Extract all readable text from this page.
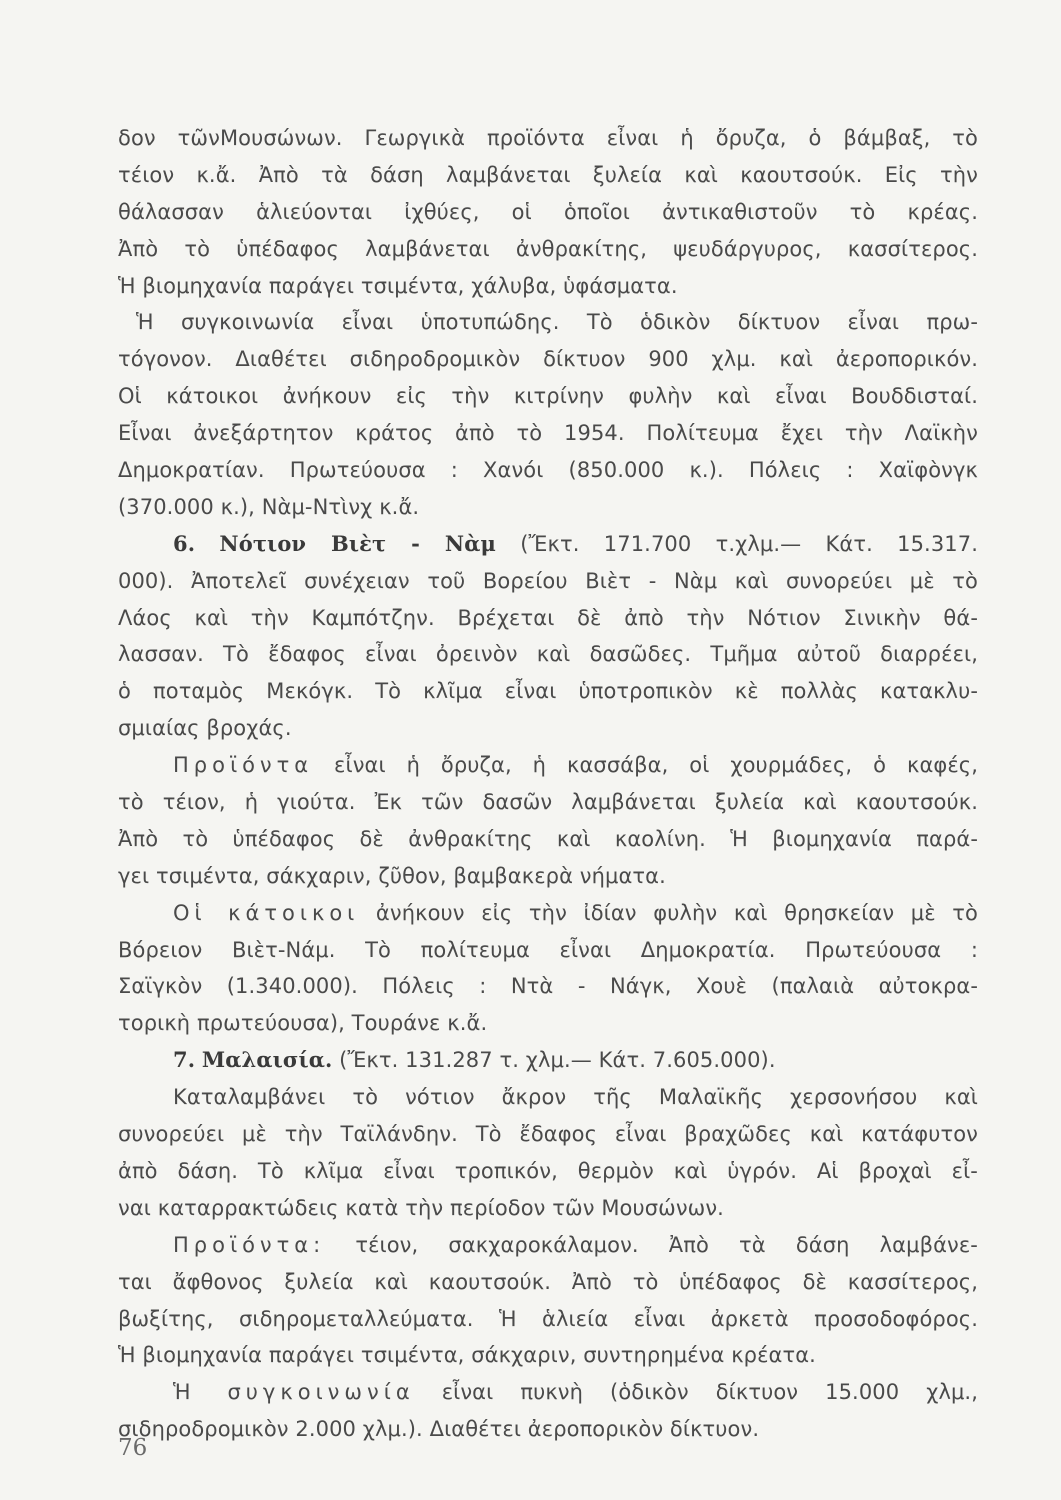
δον τῶνΜουσώνων. Γεωργικὰ προϊόντα εἶναι ἡ ὄρυζα, ὁ βάμβαξ, τὸ
τέιον κ.ἄ. Ἀπὸ τὰ δάση λαμβάνεται ξυλεία καὶ καουτσούκ. Εἰς τὴν
θάλασσαν ἁλιεύονται ἰχθύες, οἱ ὁποῖοι ἀντικαθιστοῦν τὸ κρέας.
Ἀπὸ τὸ ὑπέδαφος λαμβάνεται ἀνθρακίτης, ψευδάργυρος, κασσίτερος.
Ἡ βιομηχανία παράγει τσιμέντα, χάλυβα, ὑφάσματα.
Ἡ συγκοινωνία εἶναι ὑποτυπώδης. Τὸ ὁδικὸν δίκτυον εἶναι πρω-
τόγονον. Διαθέτει σιδηροδρομικὸν δίκτυον 900 χλμ. καὶ ἀεροπορικόν.
Οἱ κάτοικοι ἀνήκουν εἰς τὴν κιτρίνην φυλὴν καὶ εἶναι Βουδδισταί.
Εἶναι ἀνεξάρτητον κράτος ἀπὸ τὸ 1954. Πολίτευμα ἔχει τὴν Λαϊκὴν
Δημοκρατίαν. Πρωτεύουσα : Χανόι (850.000 κ.). Πόλεις : Χαϊφὸνγκ
(370.000 κ.), Νὰμ-Ντὶνχ κ.ἄ.
6. Νότιον Βιὲτ - Νὰμ (Ἔκτ. 171.700 τ.χλμ.— Κάτ. 15.317.
000). Ἀποτελεῖ συνέχειαν τοῦ Βορείου Βιὲτ - Νὰμ καὶ συνορεύει μὲ τὸ
Λάος καὶ τὴν Καμπότζην. Βρέχεται δὲ ἀπὸ τὴν Νότιον Σινικὴν θά-
λασσαν. Τὸ ἔδαφος εἶναι ὀρεινὸν καὶ δασῶδες. Τμῆμα αὐτοῦ διαρρέει,
ὁ ποταμὸς Μεκόγκ. Τὸ κλῖμα εἶναι ὑποτροπικὸν κὲ πολλὰς κατακλυ-
σμιαίας βροχάς.
Προϊόντα εἶναι ἡ ὄρυζα, ἡ κασσάβα, οἱ χουρμάδες, ὁ καφές,
τὸ τέιον, ἡ γιούτα. Ἐκ τῶν δασῶν λαμβάνεται ξυλεία καὶ καουτσούκ.
Ἀπὸ τὸ ὑπέδαφος δὲ ἀνθρακίτης καὶ καολίνη. Ἡ βιομηχανία παρά-
γει τσιμέντα, σάκχαριν, ζῦθον, βαμβακερὰ νήματα.
Οἱ κάτοικοι ἀνήκουν εἰς τὴν ἰδίαν φυλὴν καὶ θρησκείαν μὲ τὸ
Βόρειον Βιὲτ-Νάμ. Τὸ πολίτευμα εἶναι Δημοκρατία. Πρωτεύουσα :
Σαϊγκὸν (1.340.000). Πόλεις : Ντὰ - Νάγκ, Χουὲ (παλαιὰ αὐτοκρα-
τορικὴ πρωτεύουσα), Τουράνε κ.ἄ.
7. Μαλαισία. (Ἔκτ. 131.287 τ. χλμ.— Κάτ. 7.605.000).
Καταλαμβάνει τὸ νότιον ἄκρον τῆς Μαλαϊκῆς χερσονήσου καὶ
συνορεύει μὲ τὴν Ταϊλάνδην. Τὸ ἔδαφος εἶναι βραχῶδες καὶ κατάφυτον
ἀπὸ δάση. Τὸ κλῖμα εἶναι τροπικόν, θερμὸν καὶ ὑγρόν. Αἱ βροχαὶ εἶ-
ναι καταρρακτώδεις κατὰ τὴν περίοδον τῶν Μουσώνων.
Προϊόντα: τέιον, σακχαροκάλαμον. Ἀπὸ τὰ δάση λαμβάνε-
ται ἄφθονος ξυλεία καὶ καουτσούκ. Ἀπὸ τὸ ὑπέδαφος δὲ κασσίτερος,
βωξίτης, σιδηρομεταλλεύματα. Ἡ ἁλιεία εἶναι ἀρκετὰ προσοδοφόρος.
Ἡ βιομηχανία παράγει τσιμέντα, σάκχαριν, συντηρημένα κρέατα.
Ἡ συγκοινωνία εἶναι πυκνὴ (ὁδικὸν δίκτυον 15.000 χλμ.,
σιδηροδρομικὸν 2.000 χλμ.). Διαθέτει ἀεροπορικὸν δίκτυον.
76
